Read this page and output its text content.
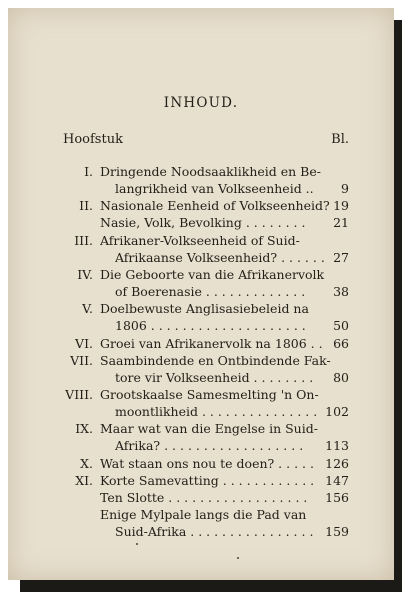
INHOUD.
Hoofstuk	Bl.
I. Dringende Noodsaaklikheid en Be-
langrikheid van Volkseenheid ..	9
II. Nasionale Eenheid of Volkseenheid? 19
Nasie, Volk, Bevolking . . . . . . . .	21
III. Afrikaner-Volkseenheid of Suid-
Afrikaanse Volkseenheid? . . . . . . 27
IV. Die Geboorte van die Afrikanervolk
of Boerenasie . . . . . . . . . . . . .	38
V. Doelbewuste Anglisasiebeleid na
1806 . . . . . . . . . . . . . . . . . . . .	50
VI. Groei van Afrikanervolk na 1806 . . 66
VII. Saambindende en Ontbindende Fak-
tore vir Volkseenheid . . . . . . . .	80
VIII. Grootskaalse Samesmelting 'n On-
moontlikheid . . . . . . . . . . . . . . . 102
IX. Maar wat van die Engelse in Suid-
Afrika? . . . . . . . . . . . . . . . . . .	113
X. Wat staan ons nou te doen? . . . . . 126
XI. Korte Samevatting . . . . . . . . . . . . 147
Ten Slotte . . . . . . . . . . . . . . . . . .	156
Enige Mylpale langs die Pad van
Suid-Afrika . . . . . . . . . . . . . . . . 159
